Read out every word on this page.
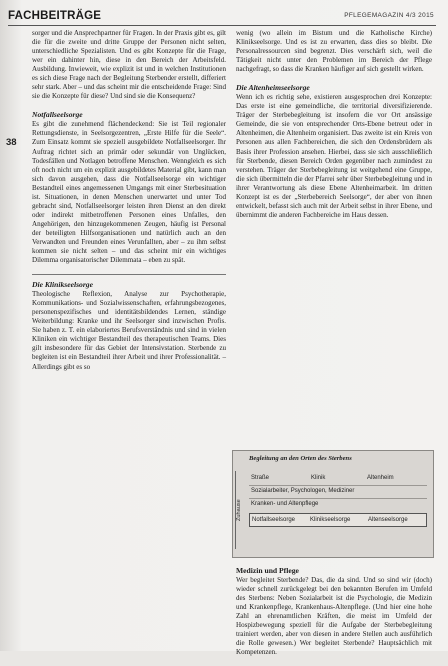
FACHBEITRÄGE	PFLEGEMAGAZIN 4/3 2015
38

sorger und die Ansprechpartner für Fragen. In der Praxis gibt es, gilt die für die zweite und dritte Gruppe der Personen nicht selten, unterschiedliche Spezialisten. Und es gibt Konzepte für die Frage, wer ein dahinter hin, diese in den Bereich der Arbeitsfeld. Ausbildung. Inwieweit, wie explizit ist und in welchen Institutionen es sich diese Frage nach der Begleitung Sterbender erstellt, differiert sehr stark. Aber – und das scheint mir die entscheidende Frage: Sind sie die Konzepte für diese? Und sind sie die Konsequenz?

Notfallseelsorge

Es gibt die zunehmend flächendeckend: Sie ist Teil regionaler Rettungsdienste, in Seelsorgezentren, „Erste Hilfe für die Seele“. Zum Einsatz kommt sie speziell ausgebildete Notfallseelsorger. Ihr Auftrag richtet sich an primär oder sekundär von Unglücken, Todesfällen und Notlagen betroffene Menschen. Wenngleich es sich oft noch nicht um ein explizit ausgebildetes Material gibt, kann man sich davon ausgehen, dass die Notfallseelsorge ein wichtiger Bestandteil eines angemessenen Umgangs mit einer Sterbesituation ist. Situationen, in denen Menschen unerwartet und unter Tod gebracht sind, Notfallseelsorger leisten ihren Dienst an den direkt oder indirekt mitbetroffenen Personen eines Unfalles, den Angehörigen, den hinzugekommenen Zeugen, häufig ist Personal der beteiligten Hilfsorganisationen und natürlich auch an den Verwandten und Freunden eines Verunfallten, aber – zu ihm selbst kommen sie nicht selten – und das scheint mir ein wichtiges Dilemma organisatorischer Dilemmata – eben zu spät.

Die Klinikseelsorge

Theologische Reflexion, Analyse zur Psychotherapie, Kommunikations- und Sozialwissenschaften, erfahrungsbezogenes, personenspezifisches und identitätsbildendes Lernen, ständige Weiterbildung: Kranke und ihr Seelsorger sind inzwischen Profis. Sie haben z. T. ein elaboriertes Berufsverständnis und sind in vielen Kliniken ein wichtiger Bestandteil des therapeutischen Teams. Dies gilt insbesondere für das Gebiet der Intensivstation. Sterbende zu begleiten ist ein Bestandteil ihrer Arbeit und ihrer Professionalität. – Allerdings gibt es so

wenig (wo allein im Bistum und die Katholische Kirche) Klinikseelsorge. Und es ist zu erwarten, dass dies so bleibt. Die Personalressourcen sind begrenzt. Dies verschärft sich, weil die Tätigkeit nicht unter den Problemen im Bereich der Pflege nachgefragt, so dass die Kranken häufiger auf sich gestellt wirken.

Die Altenheimseelsorge

Wenn ich es richtig sehe, existieren ausgesprochen drei Konzepte: Das erste ist eine gemeindliche, die territorial diversifizierende. Träger der Sterbebegleitung ist insofern die vor Ort ansässige Gemeinde, die sie von entsprechender Orts-Ebene betreut oder in Altenheimen, die Altenheim organisiert. Das zweite ist ein Kreis von Personen aus allen Fachbereichen, die sich den Ordensbrüdern als Basis ihrer Profession ansehen. Hierbei, dass sie sich ausschließlich für Sterbende, diesen Bereich Orden gegenüber nach zumindest zu verstehen. Träger der Sterbebegleitung ist weitgehend eine Gruppe, die sich übermitteln die der Pfarrei sehr über Sterbebegleitung und in ihrer Verantwortung als diese Ebene Altenheimarbeit. Im dritten Konzept ist es der „Sterbebereich Seelsorge“, der aber von ihnen entwickelt, befasst sich auch mit der Arbeit selbst in ihrer Ebene, und übernimmt die anderen Fachbereiche im Haus dessen.

Begleitung an den Orten des Sterbens
Zuhause
Straße	Klinik	Altenheim
Sozialarbeiter, Psychologen, Mediziner
Kranken- und Altenpflege
Notfallseelsorge Klinikseelsorge	Altenseelsorge
Medizin und Pflege

Wer begleitet Sterbende? Das, die da sind. Und so sind wir (doch) wieder schnell zurückgelegt bei den bekannten Berufen im Umfeld des Sterbens: Neben Sozialarbeit ist die Psychologie, die Medizin und Krankenpflege, Krankenhaus-Altenpflege. (Und hier eine hohe Zahl an ehrenamtlichen Kräften, die meist im Umfeld der Hospizbewegung speziell für die Aufgabe der Sterbebegleitung trainiert werden, aber von diesen in andere Stellen auch ausführlich die Rolle gewesen.) Wer begleitet Sterbende? Hauptsächlich mit Kompetenzen.
